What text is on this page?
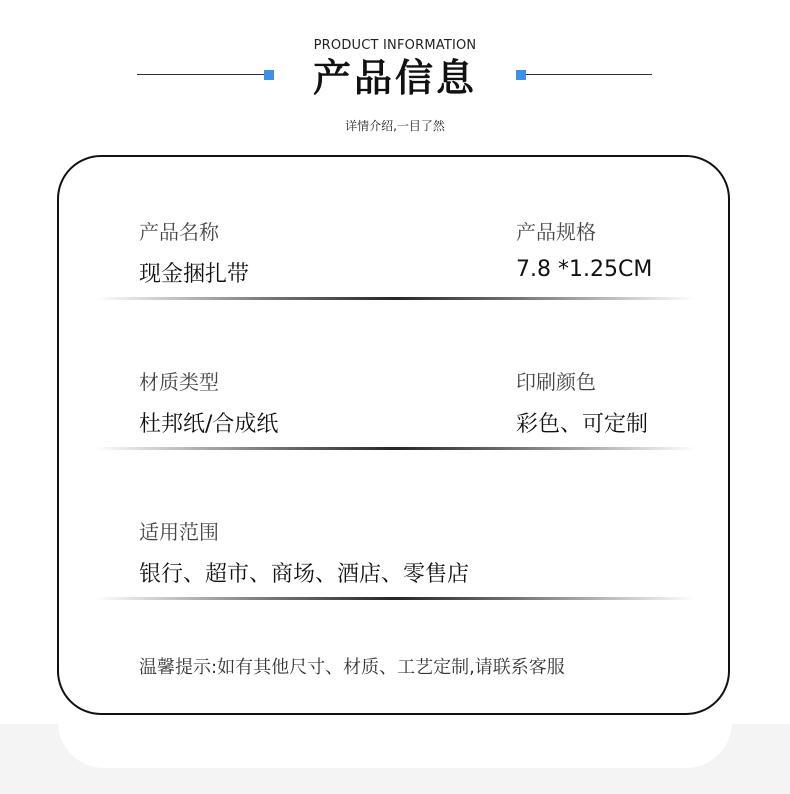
PRODUCT INFORMATION
产品信息
详情介绍,一目了然
产品名称
现金捆扎带
产品规格
7.8 *1.25CM
材质类型
杜邦纸/合成纸
印刷颜色
彩色、可定制
适用范围
银行、超市、商场、酒店、零售店
温馨提示:如有其他尺寸、材质、工艺定制,请联系客服
